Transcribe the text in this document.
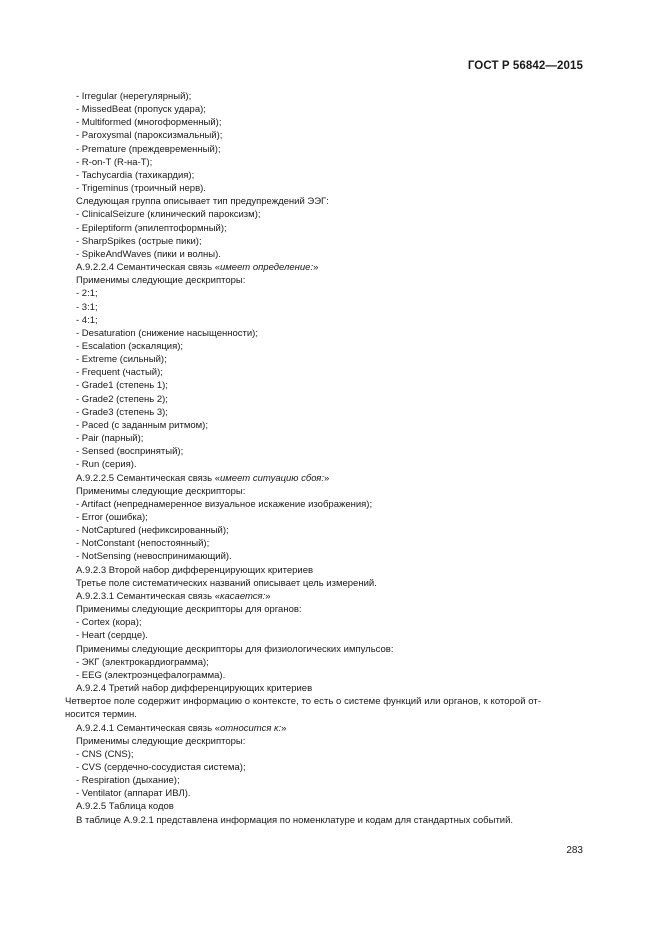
ГОСТ Р 56842—2015
- Irregular (нерегулярный);
- MissedBeat (пропуск удара);
- Multiformed (многоформенный);
- Paroxysmal (пароксизмальный);
- Premature (преждевременный);
- R-on-T (R-на-T);
- Tachycardia (тахикардия);
- Trigeminus (троичный нерв).
Следующая группа описывает тип предупреждений ЭЭГ:
- ClinicalSeizure (клинический пароксизм);
- Epileptiform (эпилептоформный);
- SharpSpikes (острые пики);
- SpikeAndWaves (пики и волны).
A.9.2.2.4 Семантическая связь «имеет определение:»
Применимы следующие дескрипторы:
- 2:1;
- 3:1;
- 4:1;
- Desaturation (снижение насыщенности);
- Escalation (эскаляция);
- Extreme (сильный);
- Frequent (частый);
- Grade1 (степень 1);
- Grade2 (степень 2);
- Grade3 (степень 3);
- Paced (с заданным ритмом);
- Pair (парный);
- Sensed (воспринятый);
- Run (серия).
A.9.2.2.5 Семантическая связь «имеет ситуацию сбоя:»
Применимы следующие дескрипторы:
- Artifact (непреднамеренное визуальное искажение изображения);
- Error (ошибка);
- NotCaptured (нефиксированный);
- NotConstant (непостоянный);
- NotSensing (невоспринимающий).
A.9.2.3 Второй набор дифференцирующих критериев
Третье поле систематических названий описывает цель измерений.
A.9.2.3.1 Семантическая связь «касается:»
Применимы следующие дескрипторы для органов:
- Cortex (кора);
- Heart (сердце).
Применимы следующие дескрипторы для физиологических импульсов:
- ЭКГ (электрокардиограмма);
- EEG (электроэнцефалограмма).
A.9.2.4 Третий набор дифференцирующих критериев
Четвертое поле содержит информацию о контексте, то есть о системе функций или органов, к которой от-
носится термин.
A.9.2.4.1 Семантическая связь «относится к:»
Применимы следующие дескрипторы:
- CNS (CNS);
- CVS (сердечно-сосудистая система);
- Respiration (дыхание);
- Ventilator (аппарат ИВЛ).
A.9.2.5 Таблица кодов
В таблице A.9.2.1 представлена информация по номенклатуре и кодам для стандартных событий.
283
